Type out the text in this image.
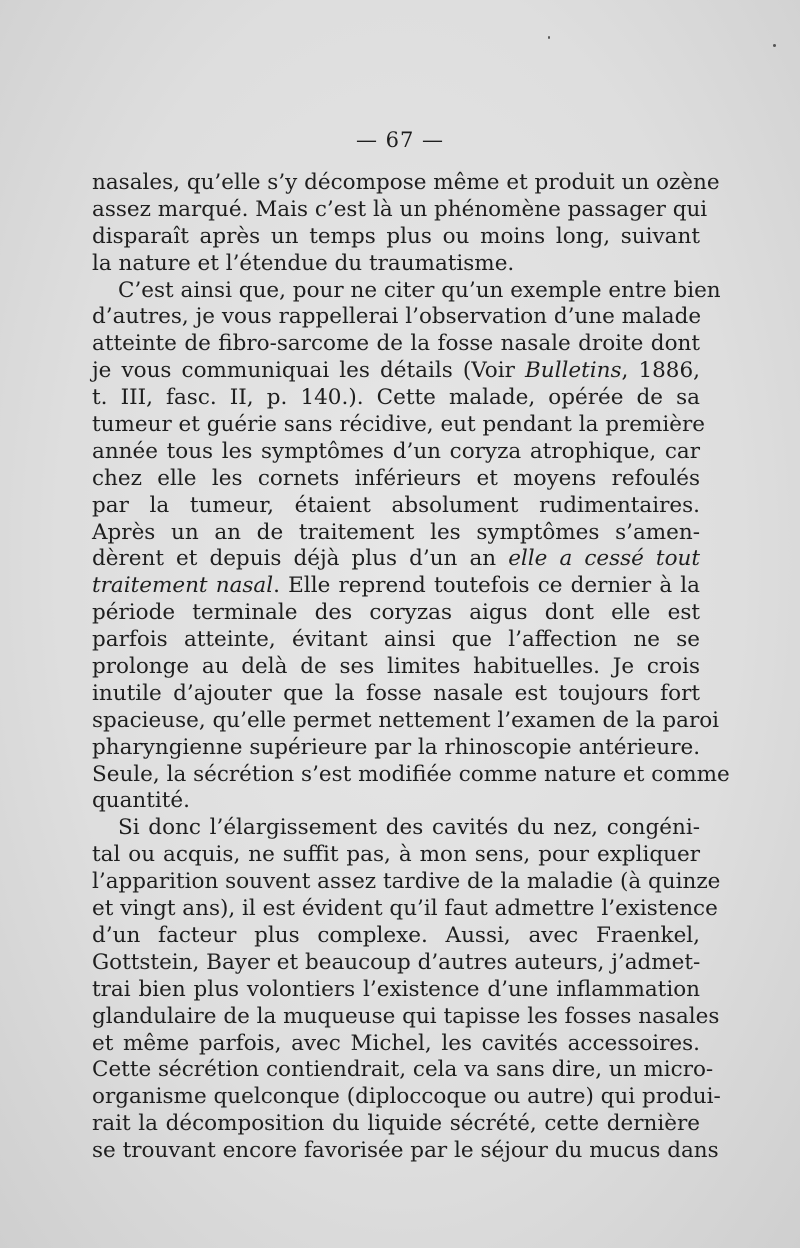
— 67 —
nasales, qu’elle s’y décompose même et produit un ozène
assez marqué. Mais c’est là un phénomène passager qui
disparaît après un temps plus ou moins long, suivant
la nature et l’étendue du traumatisme.
C’est ainsi que, pour ne citer qu’un exemple entre bien
d’autres, je vous rappellerai l’observation d’une malade
atteinte de fibro-sarcome de la fosse nasale droite dont
je vous communiquai les détails (Voir Bulletins, 1886,
t. III, fasc. II, p. 140.). Cette malade, opérée de sa
tumeur et guérie sans récidive, eut pendant la première
année tous les symptômes d’un coryza atrophique, car
chez elle les cornets inférieurs et moyens refoulés
par la tumeur, étaient absolument rudimentaires.
Après un an de traitement les symptômes s’amen-
dèrent et depuis déjà plus d’un an elle a cessé tout
traitement nasal. Elle reprend toutefois ce dernier à la
période terminale des coryzas aigus dont elle est
parfois atteinte, évitant ainsi que l’affection ne se
prolonge au delà de ses limites habituelles. Je crois
inutile d’ajouter que la fosse nasale est toujours fort
spacieuse, qu’elle permet nettement l’examen de la paroi
pharyngienne supérieure par la rhinoscopie antérieure.
Seule, la sécrétion s’est modifiée comme nature et comme
quantité.
Si donc l’élargissement des cavités du nez, congéni-
tal ou acquis, ne suffit pas, à mon sens, pour expliquer
l’apparition souvent assez tardive de la maladie (à quinze
et vingt ans), il est évident qu’il faut admettre l’existence
d’un facteur plus complexe. Aussi, avec Fraenkel,
Gottstein, Bayer et beaucoup d’autres auteurs, j’admet-
trai bien plus volontiers l’existence d’une inflammation
glandulaire de la muqueuse qui tapisse les fosses nasales
et même parfois, avec Michel, les cavités accessoires.
Cette sécrétion contiendrait, cela va sans dire, un micro-
organisme quelconque (diploccoque ou autre) qui produi-
rait la décomposition du liquide sécrété, cette dernière
se trouvant encore favorisée par le séjour du mucus dans
